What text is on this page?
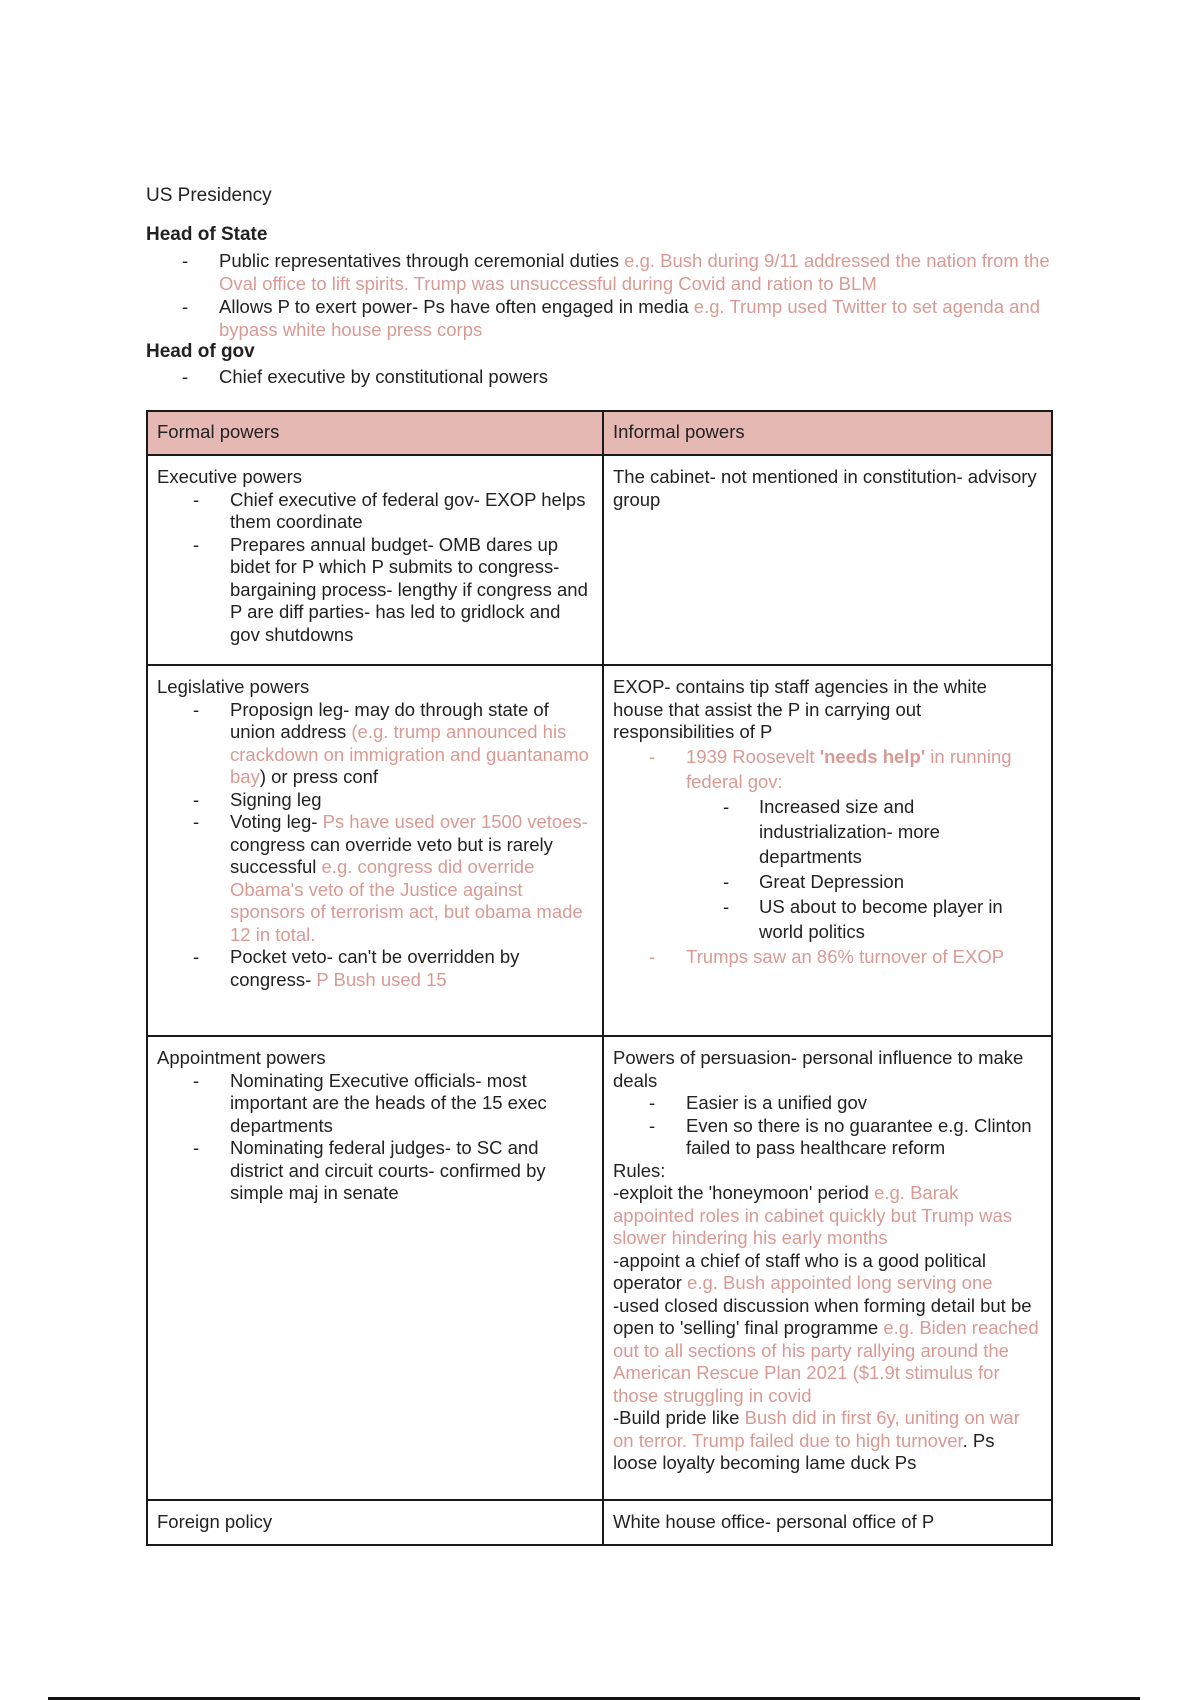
US Presidency
Head of State
- Public representatives through ceremonial duties e.g. Bush during 9/11 addressed the nation from the Oval office to lift spirits. Trump was unsuccessful during Covid and ration to BLM
- Allows P to exert power- Ps have often engaged in media e.g. Trump used Twitter to set agenda and bypass white house press corps
Head of gov
- Chief executive by constitutional powers
Formal powers	Informal powers

Executive powers
- Chief executive of federal gov- EXOP helps them coordinate
- Prepares annual budget- OMB dares up bidet for P which P submits to congress- bargaining process- lengthy if congress and P are diff parties- has led to gridlock and gov shutdowns

The cabinet- not mentioned in constitution- advisory group

Legislative powers
- Proposign leg- may do through state of union address (e.g. trump announced his crackdown on immigration and guantanamo bay) or press conf
- Signing leg
- Voting leg- Ps have used over 1500 vetoes-congress can override veto but is rarely successful e.g. congress did override Obama's veto of the Justice against sponsors of terrorism act, but obama made 12 in total.
- Pocket veto- can't be overridden by congress- P Bush used 15

EXOP- contains tip staff agencies in the white house that assist the P in carrying out responsibilities of P
- 1939 Roosevelt 'needs help' in running federal gov:
- Increased size and industrialization- more departments
- Great Depression
- US about to become player in world politics
- Trumps saw an 86% turnover of EXOP

Appointment powers
- Nominating Executive officials- most important are the heads of the 15 exec departments
- Nominating federal judges- to SC and district and circuit courts- confirmed by simple maj in senate

Powers of persuasion- personal influence to make deals
- Easier is a unified gov
- Even so there is no guarantee e.g. Clinton failed to pass healthcare reform
Rules:
-exploit the 'honeymoon' period e.g. Barak appointed roles in cabinet quickly but Trump was slower hindering his early months
-appoint a chief of staff who is a good political operator e.g. Bush appointed long serving one
-used closed discussion when forming detail but be open to 'selling' final programme e.g. Biden reached out to all sections of his party rallying around the American Rescue Plan 2021 ($1.9t stimulus for those struggling in covid
-Build pride like Bush did in first 6y, uniting on war on terror. Trump failed due to high turnover. Ps loose loyalty becoming lame duck Ps

Foreign policy	White house office- personal office of P
